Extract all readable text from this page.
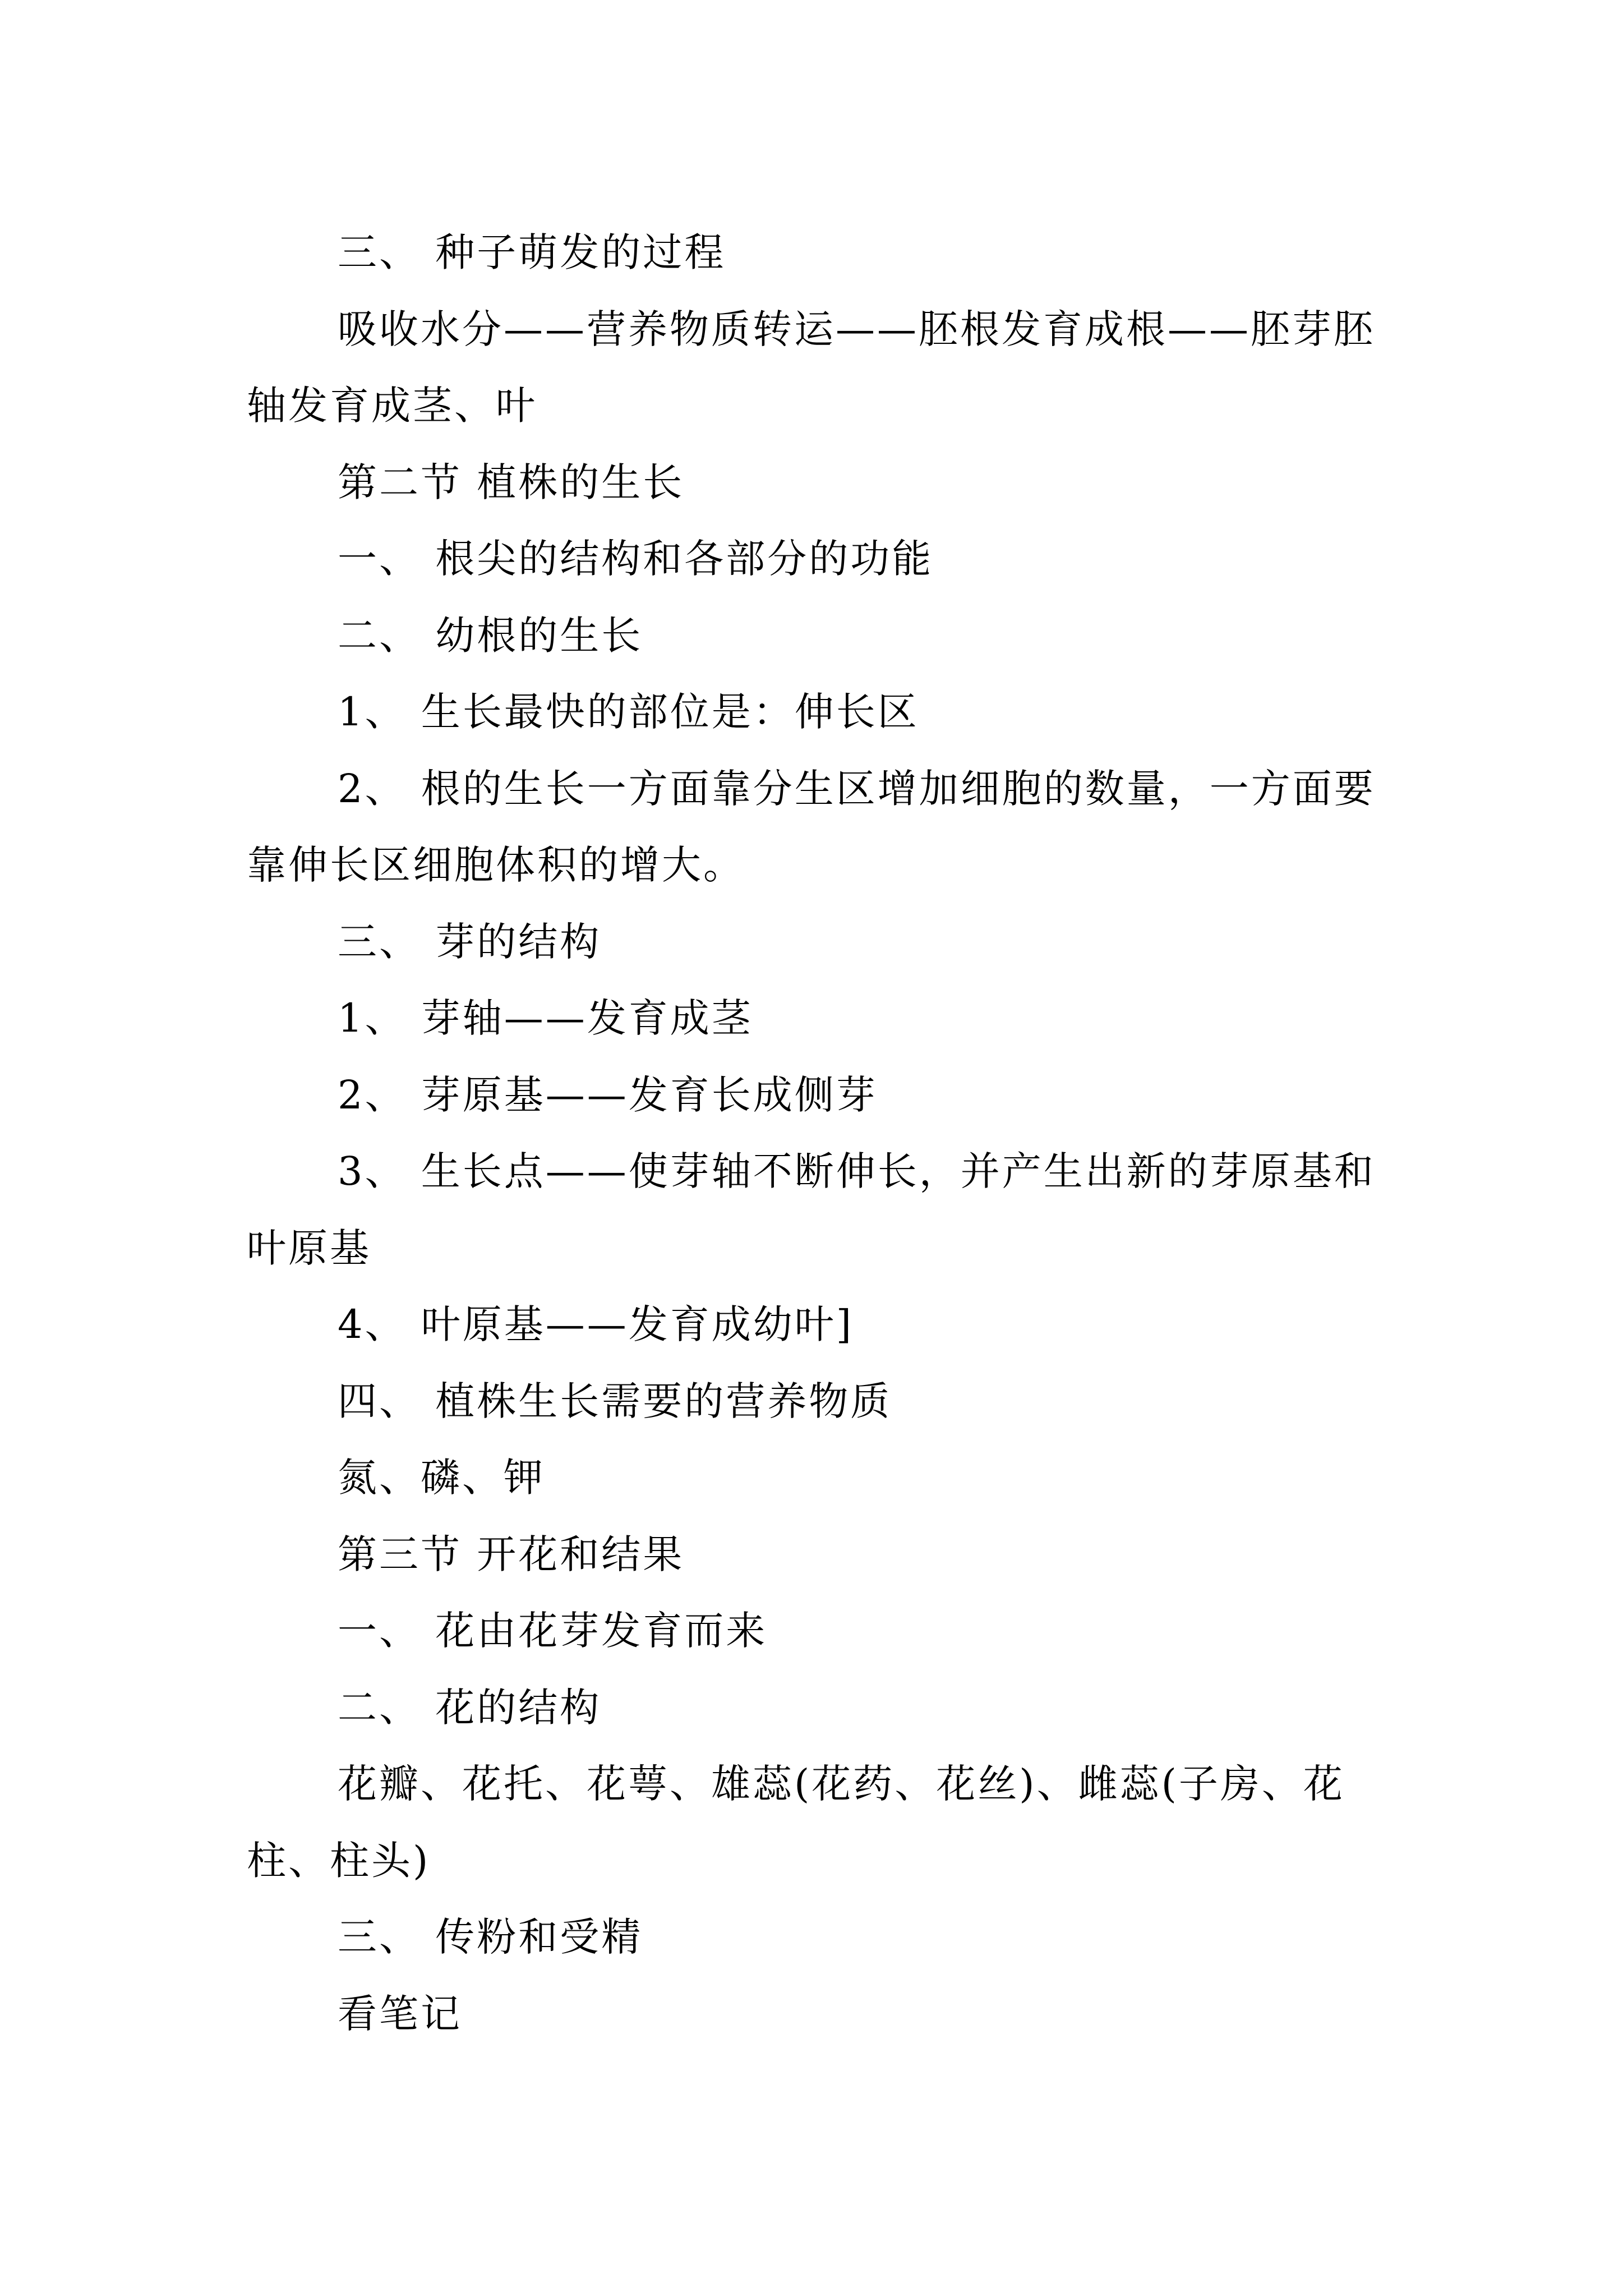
三、 种子萌发的过程

吸收水分——营养物质转运——胚根发育成根——胚芽胚轴发育成茎、叶

第二节 植株的生长

一、 根尖的结构和各部分的功能

二、 幼根的生长

1、 生长最快的部位是：伸长区

2、 根的生长一方面靠分生区增加细胞的数量，一方面要靠伸长区细胞体积的增大。

三、 芽的结构

1、 芽轴——发育成茎

2、 芽原基——发育长成侧芽

3、 生长点——使芽轴不断伸长，并产生出新的芽原基和叶原基

4、 叶原基——发育成幼叶]

四、 植株生长需要的营养物质

氮、磷、钾

第三节 开花和结果

一、 花由花芽发育而来

二、 花的结构

花瓣、花托、花萼、雄蕊(花药、花丝)、雌蕊(子房、花柱、柱头)

三、 传粉和受精

看笔记
